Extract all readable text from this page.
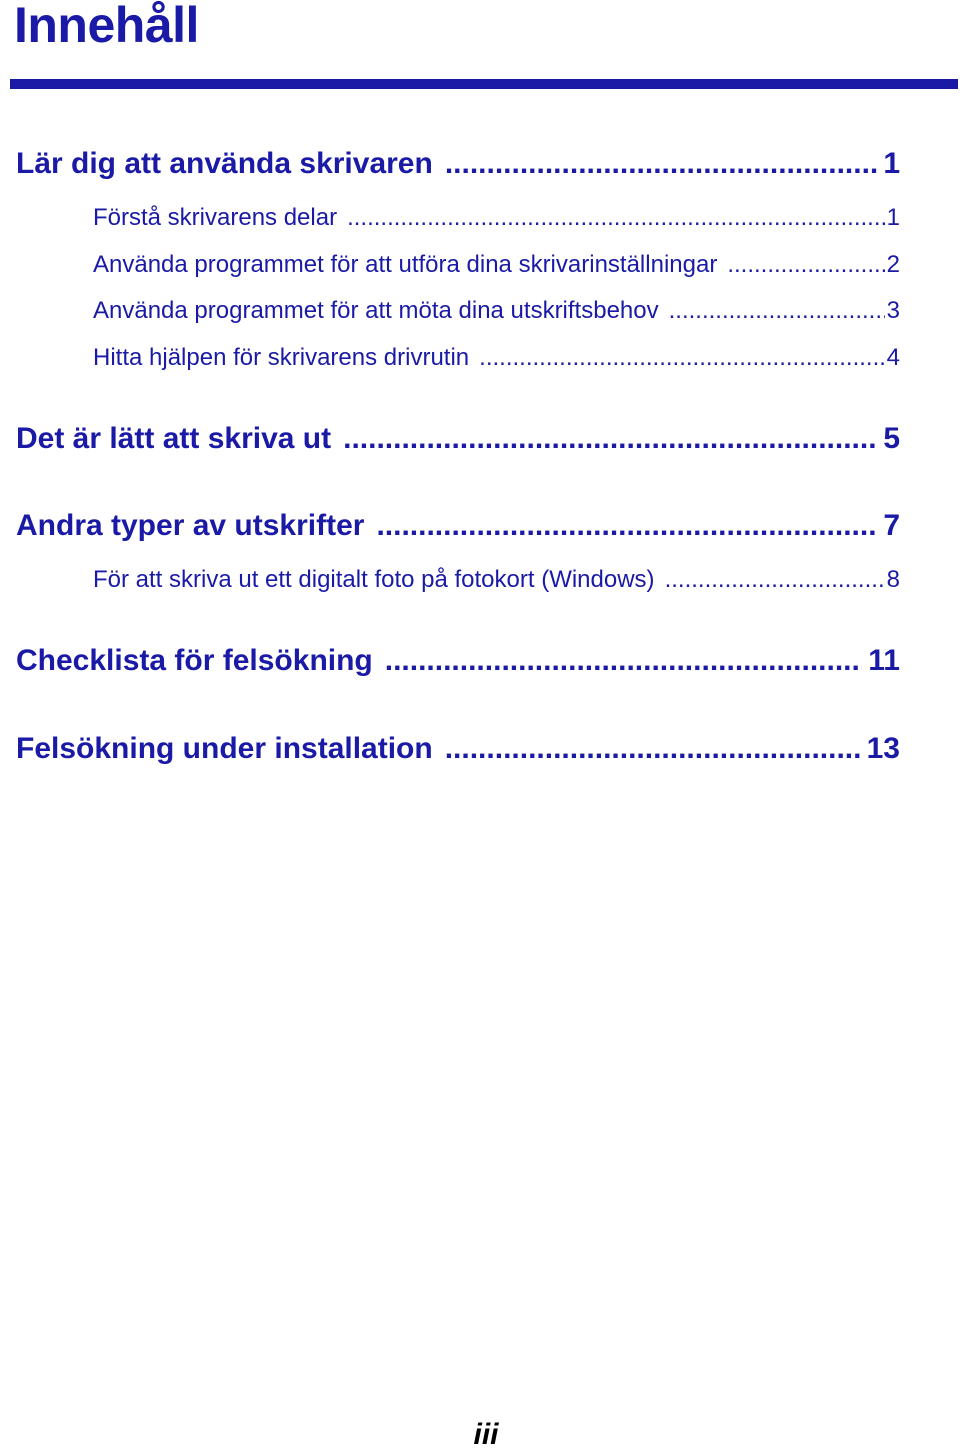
Innehåll
Lär dig att använda skrivaren .....	1
Förstå skrivarens delar .....	1
Använda programmet för att utföra dina skrivarinställningar .....	2
Använda programmet för att möta dina utskriftsbehov .....	3
Hitta hjälpen för skrivarens drivrutin .....	4
Det är lätt att skriva ut .....	5
Andra typer av utskrifter .....	7
För att skriva ut ett digitalt foto på fotokort (Windows) .....	8
Checklista för felsökning .....	11
Felsökning under installation .....	13
iii
